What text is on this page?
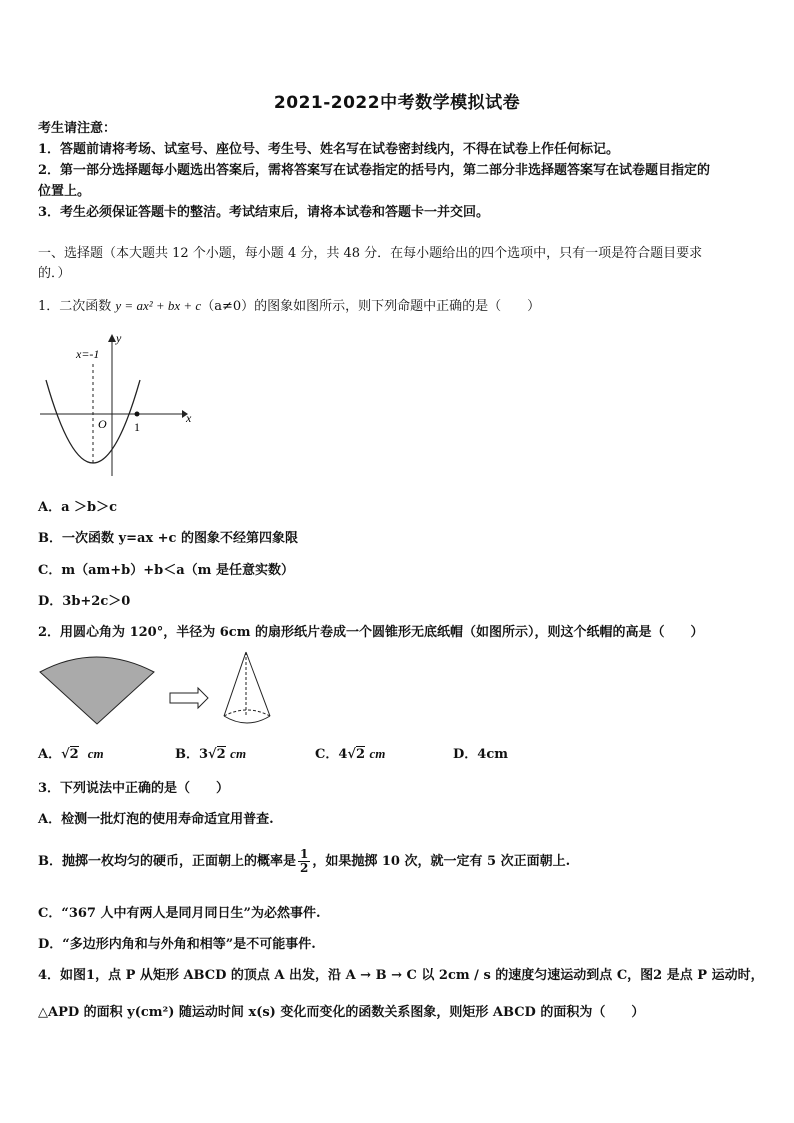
2021-2022中考数学模拟试卷
考生请注意：
1．答题前请将考场、试室号、座位号、考生号、姓名写在试卷密封线内，不得在试卷上作任何标记。
2．第一部分选择题每小题选出答案后，需将答案写在试卷指定的括号内，第二部分非选择题答案写在试卷题目指定的
位置上。
3．考生必须保证答题卡的整洁。考试结束后，请将本试卷和答题卡一并交回。
一、选择题（本大题共 12 个小题，每小题 4 分，共 48 分．在每小题给出的四个选项中，只有一项是符合题目要求
的．）
1．二次函数 y = ax² + bx + c（a≠0）的图象如图所示，则下列命题中正确的是（　　）
x
y
x=-1
O 1
A．a ＞b＞c
B．一次函数 y=ax +c 的图象不经第四象限
C．m（am+b）+b＜a（m 是任意实数）
D．3b+2c＞0
2．用圆心角为 120°，半径为 6cm 的扇形纸片卷成一个圆锥形无底纸帽（如图所示），则这个纸帽的高是（　　）
A．√2 cm	B．3√2 cm	C．4√2 cm	D．4cm
3．下列说法中正确的是（　　）
A．检测一批灯泡的使用寿命适宜用普查.
B．抛掷一枚均匀的硬币，正面朝上的概率是 $\frac{1}{2}$ ，如果抛掷 10 次，就一定有 5 次正面朝上.
C．“367 人中有两人是同月同日生”为必然事件.
D．“多边形内角和与外角和相等”是不可能事件.
4．如图1，点 P 从矩形 ABCD 的顶点 A 出发，沿 A → B → C 以 2cm / s 的速度匀速运动到点 C，图2 是点 P 运动时，
△APD 的面积 y(cm²) 随运动时间 x(s) 变化而变化的函数关系图象，则矩形 ABCD 的面积为（　　）
